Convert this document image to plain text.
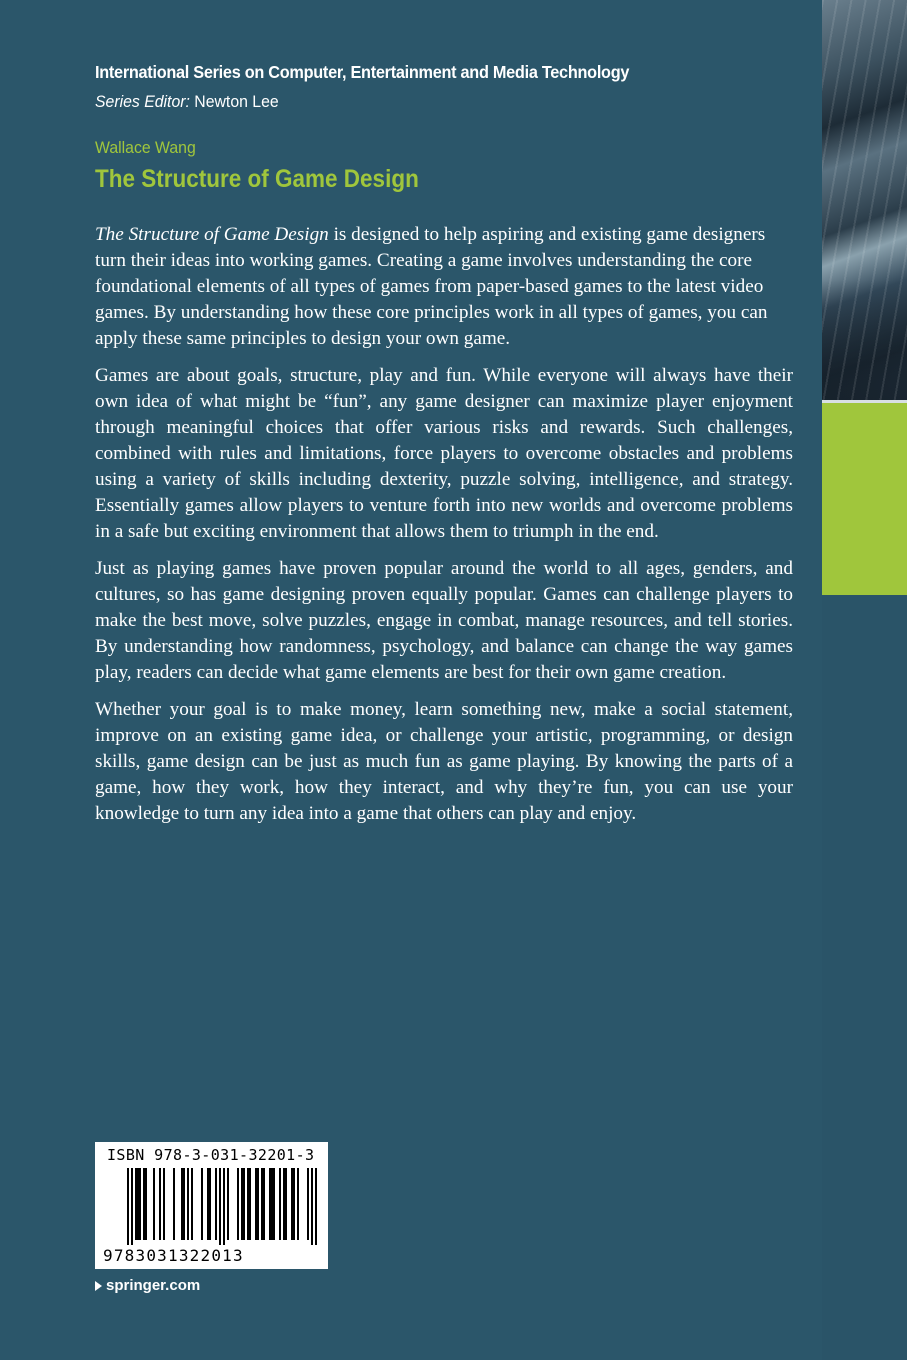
International Series on Computer, Entertainment and Media Technology
Series Editor: Newton Lee
Wallace Wang
The Structure of Game Design

The Structure of Game Design is designed to help aspiring and existing game designers turn their ideas into working games. Creating a game involves understanding the core foundational elements of all types of games from paper-based games to the latest video games. By understanding how these core principles work in all types of games, you can apply these same principles to design your own game.

Games are about goals, structure, play and fun. While everyone will always have their own idea of what might be “fun”, any game designer can maximize player enjoyment through meaningful choices that offer various risks and rewards. Such challenges, combined with rules and limitations, force players to overcome obstacles and problems using a variety of skills including dexterity, puzzle solving, intelligence, and strategy. Essentially games allow players to venture forth into new worlds and overcome problems in a safe but exciting environment that allows them to triumph in the end.

Just as playing games have proven popular around the world to all ages, genders, and cultures, so has game designing proven equally popular. Games can challenge players to make the best move, solve puzzles, engage in combat, manage resources, and tell stories. By understanding how randomness, psychology, and balance can change the way games play, readers can decide what game elements are best for their own game creation.

Whether your goal is to make money, learn something new, make a social statement, improve on an existing game idea, or challenge your artistic, programming, or design skills, game design can be just as much fun as game playing. By knowing the parts of a game, how they work, how they interact, and why they’re fun, you can use your knowledge to turn any idea into a game that others can play and enjoy.

ISBN 978-3-031-32201-3
9783031322013
springer.com
